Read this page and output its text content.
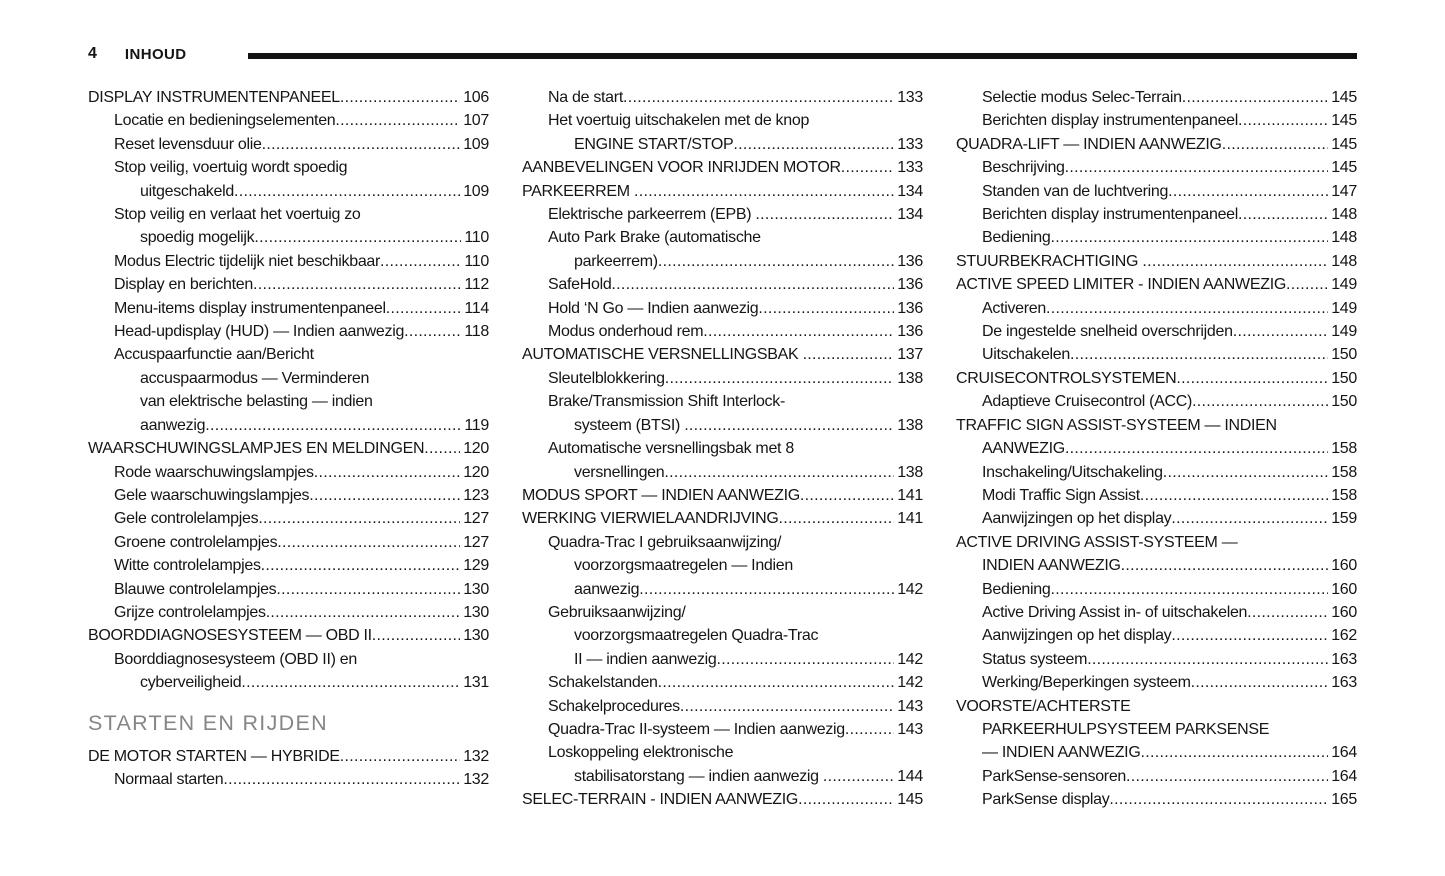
4 INHOUD
DISPLAY INSTRUMENTENPANEEL .....	106
Locatie en bedieningselementen .....	107
Reset levensduur olie .....	109
Stop veilig, voertuig wordt spoedig
uitgeschakeld .....	109
Stop veilig en verlaat het voertuig zo
spoedig mogelijk .....	110
Modus Electric tijdelijk niet beschikbaar .....	110
Display en berichten .....	112
Menu-items display instrumentenpaneel .....	114
Head-updisplay (HUD) — Indien aanwezig .....	118
Accuspaarfunctie aan/Bericht
accuspaarmodus — Verminderen
van elektrische belasting — indien
aanwezig .....	119
WAARSCHUWINGSLAMPJES EN MELDINGEN ..... 120
Rode waarschuwingslampjes .....	120
Gele waarschuwingslampjes .....	123
Gele controlelampjes .....	127
Groene controlelampjes .....	127
Witte controlelampjes .....	129
Blauwe controlelampjes .....	130
Grijze controlelampjes .....	130
BOORDDIAGNOSESYSTEEM — OBD II .....	130
Boorddiagnosesysteem (OBD II) en
cyberveiligheid .....	131
STARTEN EN RIJDEN
DE MOTOR STARTEN — HYBRIDE .....	132
Normaal starten .....	132
Na de start .....	133
Het voertuig uitschakelen met de knop
ENGINE START/STOP .....	133
AANBEVELINGEN VOOR INRIJDEN MOTOR .....	133
PARKEERREM .....	134
Elektrische parkeerrem (EPB) .....	134
Auto Park Brake (automatische
parkeerrem) .....	136
SafeHold .....	136
Hold ‘N Go — Indien aanwezig .....	136
Modus onderhoud rem .....	136
AUTOMATISCHE VERSNELLINGSBAK .....	137
Sleutelblokkering .....	138
Brake/Transmission Shift Interlock-
systeem (BTSI) .....	138
Automatische versnellingsbak met 8
versnellingen .....	138
MODUS SPORT — INDIEN AANWEZIG .....	141
WERKING VIERWIELAANDRIJVING .....	141
Quadra-Trac I gebruiksaanwijzing/
voorzorgsmaatregelen — Indien
aanwezig .....	142
Gebruiksaanwijzing/
voorzorgsmaatregelen Quadra-Trac
II — indien aanwezig .....	142
Schakelstanden .....	142
Schakelprocedures .....	143
Quadra-Trac II-systeem — Indien aanwezig .....	143
Loskoppeling elektronische
stabilisatorstang — indien aanwezig .....	144
SELEC-TERRAIN - INDIEN AANWEZIG .....	145
Selectie modus Selec-Terrain .....	145
Berichten display instrumentenpaneel .....	145
QUADRA-LIFT — INDIEN AANWEZIG .....	145
Beschrijving .....	145
Standen van de luchtvering .....	147
Berichten display instrumentenpaneel .....	148
Bediening .....	148
STUURBEKRACHTIGING .....	148
ACTIVE SPEED LIMITER - INDIEN AANWEZIG .....	149
Activeren .....	149
De ingestelde snelheid overschrijden .....	149
Uitschakelen .....	150
CRUISECONTROLSYSTEMEN .....	150
Adaptieve Cruisecontrol (ACC) .....	150
TRAFFIC SIGN ASSIST-SYSTEEM — INDIEN
AANWEZIG .....	158
Inschakeling/Uitschakeling .....	158
Modi Traffic Sign Assist .....	158
Aanwijzingen op het display .....	159
ACTIVE DRIVING ASSIST-SYSTEEM —
INDIEN AANWEZIG .....	160
Bediening .....	160
Active Driving Assist in- of uitschakelen .....	160
Aanwijzingen op het display .....	162
Status systeem .....	163
Werking/Beperkingen systeem .....	163
VOORSTE/ACHTERSTE
PARKEERHULPSYSTEEM PARKSENSE
— INDIEN AANWEZIG .....	164
ParkSense-sensoren .....	164
ParkSense display .....	165
